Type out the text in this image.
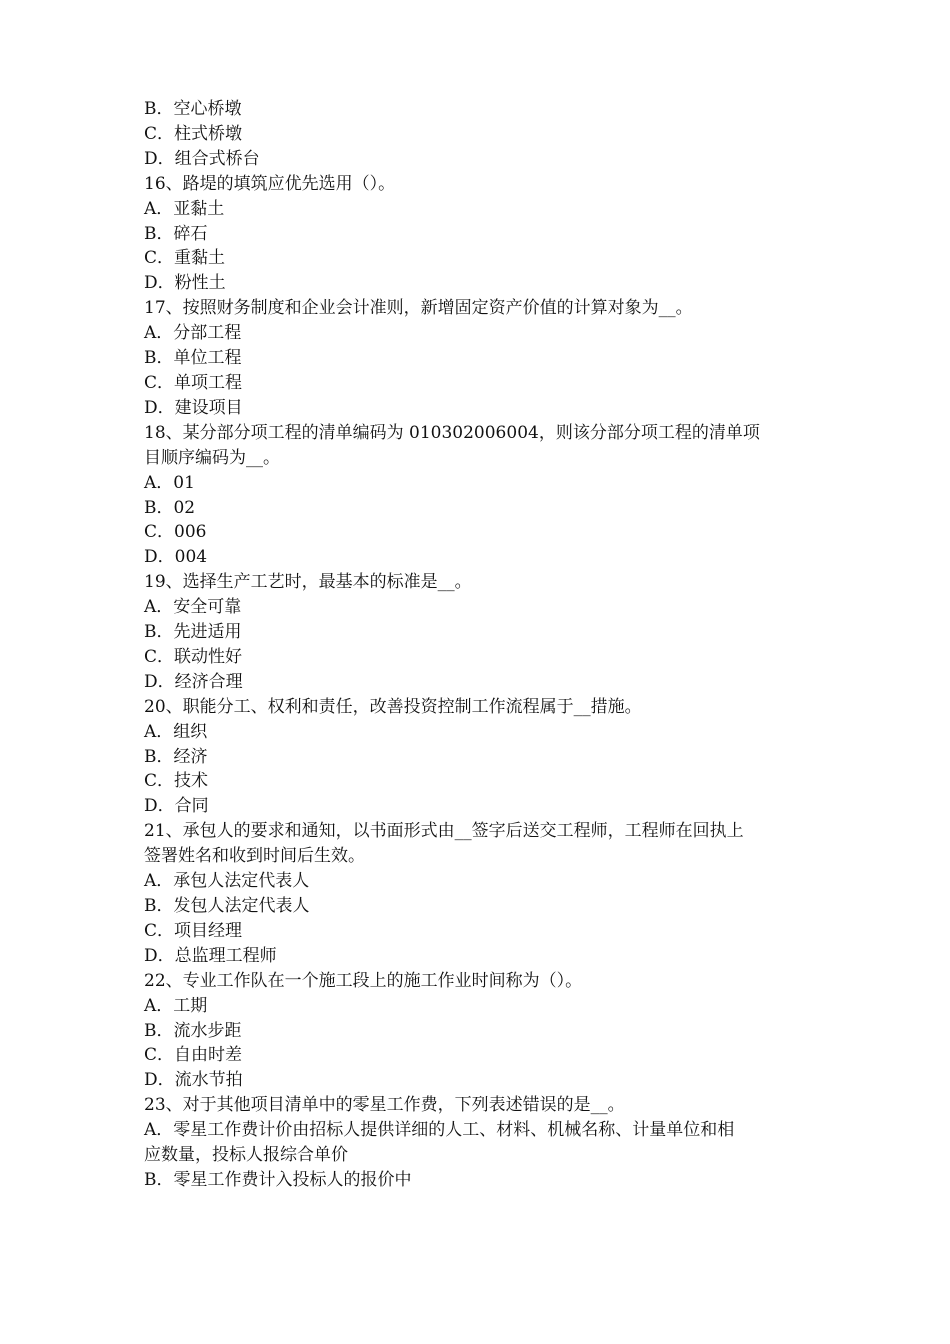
B．空心桥墩
C．柱式桥墩
D．组合式桥台
16、路堤的填筑应优先选用（）。
A．亚黏土
B．碎石
C．重黏土
D．粉性土
17、按照财务制度和企业会计准则，新增固定资产价值的计算对象为__。
A．分部工程
B．单位工程
C．单项工程
D．建设项目
18、某分部分项工程的清单编码为 010302006004，则该分部分项工程的清单项
目顺序编码为__。
A．01
B．02
C．006
D．004
19、选择生产工艺时，最基本的标准是__。
A．安全可靠
B．先进适用
C．联动性好
D．经济合理
20、职能分工、权利和责任，改善投资控制工作流程属于__措施。
A．组织
B．经济
C．技术
D．合同
21、承包人的要求和通知，以书面形式由__签字后送交工程师，工程师在回执上
签署姓名和收到时间后生效。
A．承包人法定代表人
B．发包人法定代表人
C．项目经理
D．总监理工程师
22、专业工作队在一个施工段上的施工作业时间称为（）。
A．工期
B．流水步距
C．自由时差
D．流水节拍
23、对于其他项目清单中的零星工作费，下列表述错误的是__。
A．零星工作费计价由招标人提供详细的人工、材料、机械名称、计量单位和相
应数量，投标人报综合单价
B．零星工作费计入投标人的报价中
